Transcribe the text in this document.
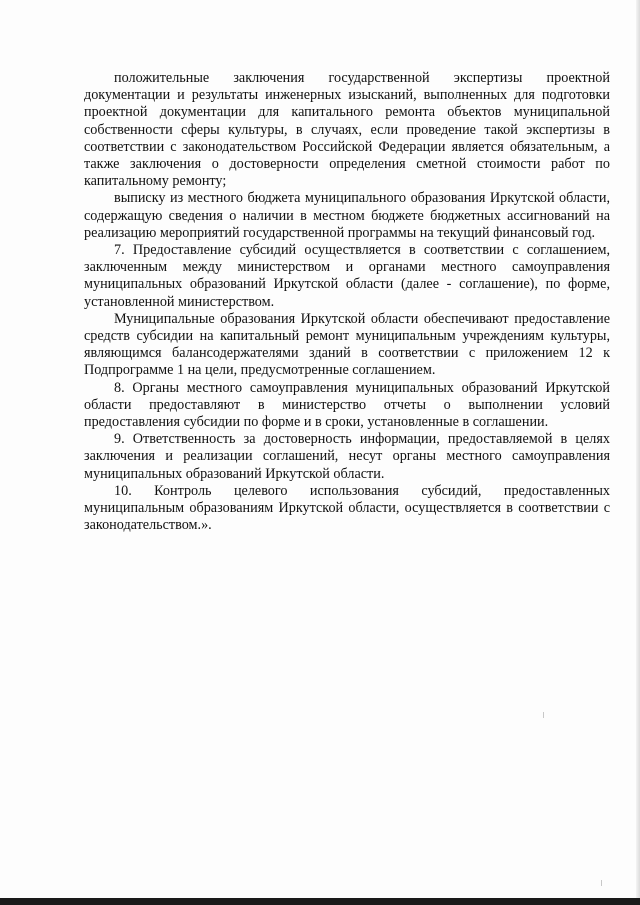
положительные заключения государственной экспертизы проектной документации и результаты инженерных изысканий, выполненных для подготовки проектной документации для капитального ремонта объектов муниципальной собственности сферы культуры, в случаях, если проведение такой экспертизы в соответствии с законодательством Российской Федерации является обязательным, а также заключения о достоверности определения сметной стоимости работ по капитальному ремонту;

выписку из местного бюджета муниципального образования Иркутской области, содержащую сведения о наличии в местном бюджете бюджетных ассигнований на реализацию мероприятий государственной программы на текущий финансовый год.

7. Предоставление субсидий осуществляется в соответствии с соглашением, заключенным между министерством и органами местного самоуправления муниципальных образований Иркутской области (далее - соглашение), по форме, установленной министерством.

Муниципальные образования Иркутской области обеспечивают предоставление средств субсидии на капитальный ремонт муниципальным учреждениям культуры, являющимся балансодержателями зданий в соответствии с приложением 12 к Подпрограмме 1 на цели, предусмотренные соглашением.

8. Органы местного самоуправления муниципальных образований Иркутской области предоставляют в министерство отчеты о выполнении условий предоставления субсидии по форме и в сроки, установленные в соглашении.

9. Ответственность за достоверность информации, предоставляемой в целях заключения и реализации соглашений, несут органы местного самоуправления муниципальных образований Иркутской области.

10. Контроль целевого использования субсидий, предоставленных муниципальным образованиям Иркутской области, осуществляется в соответствии с законодательством.».
